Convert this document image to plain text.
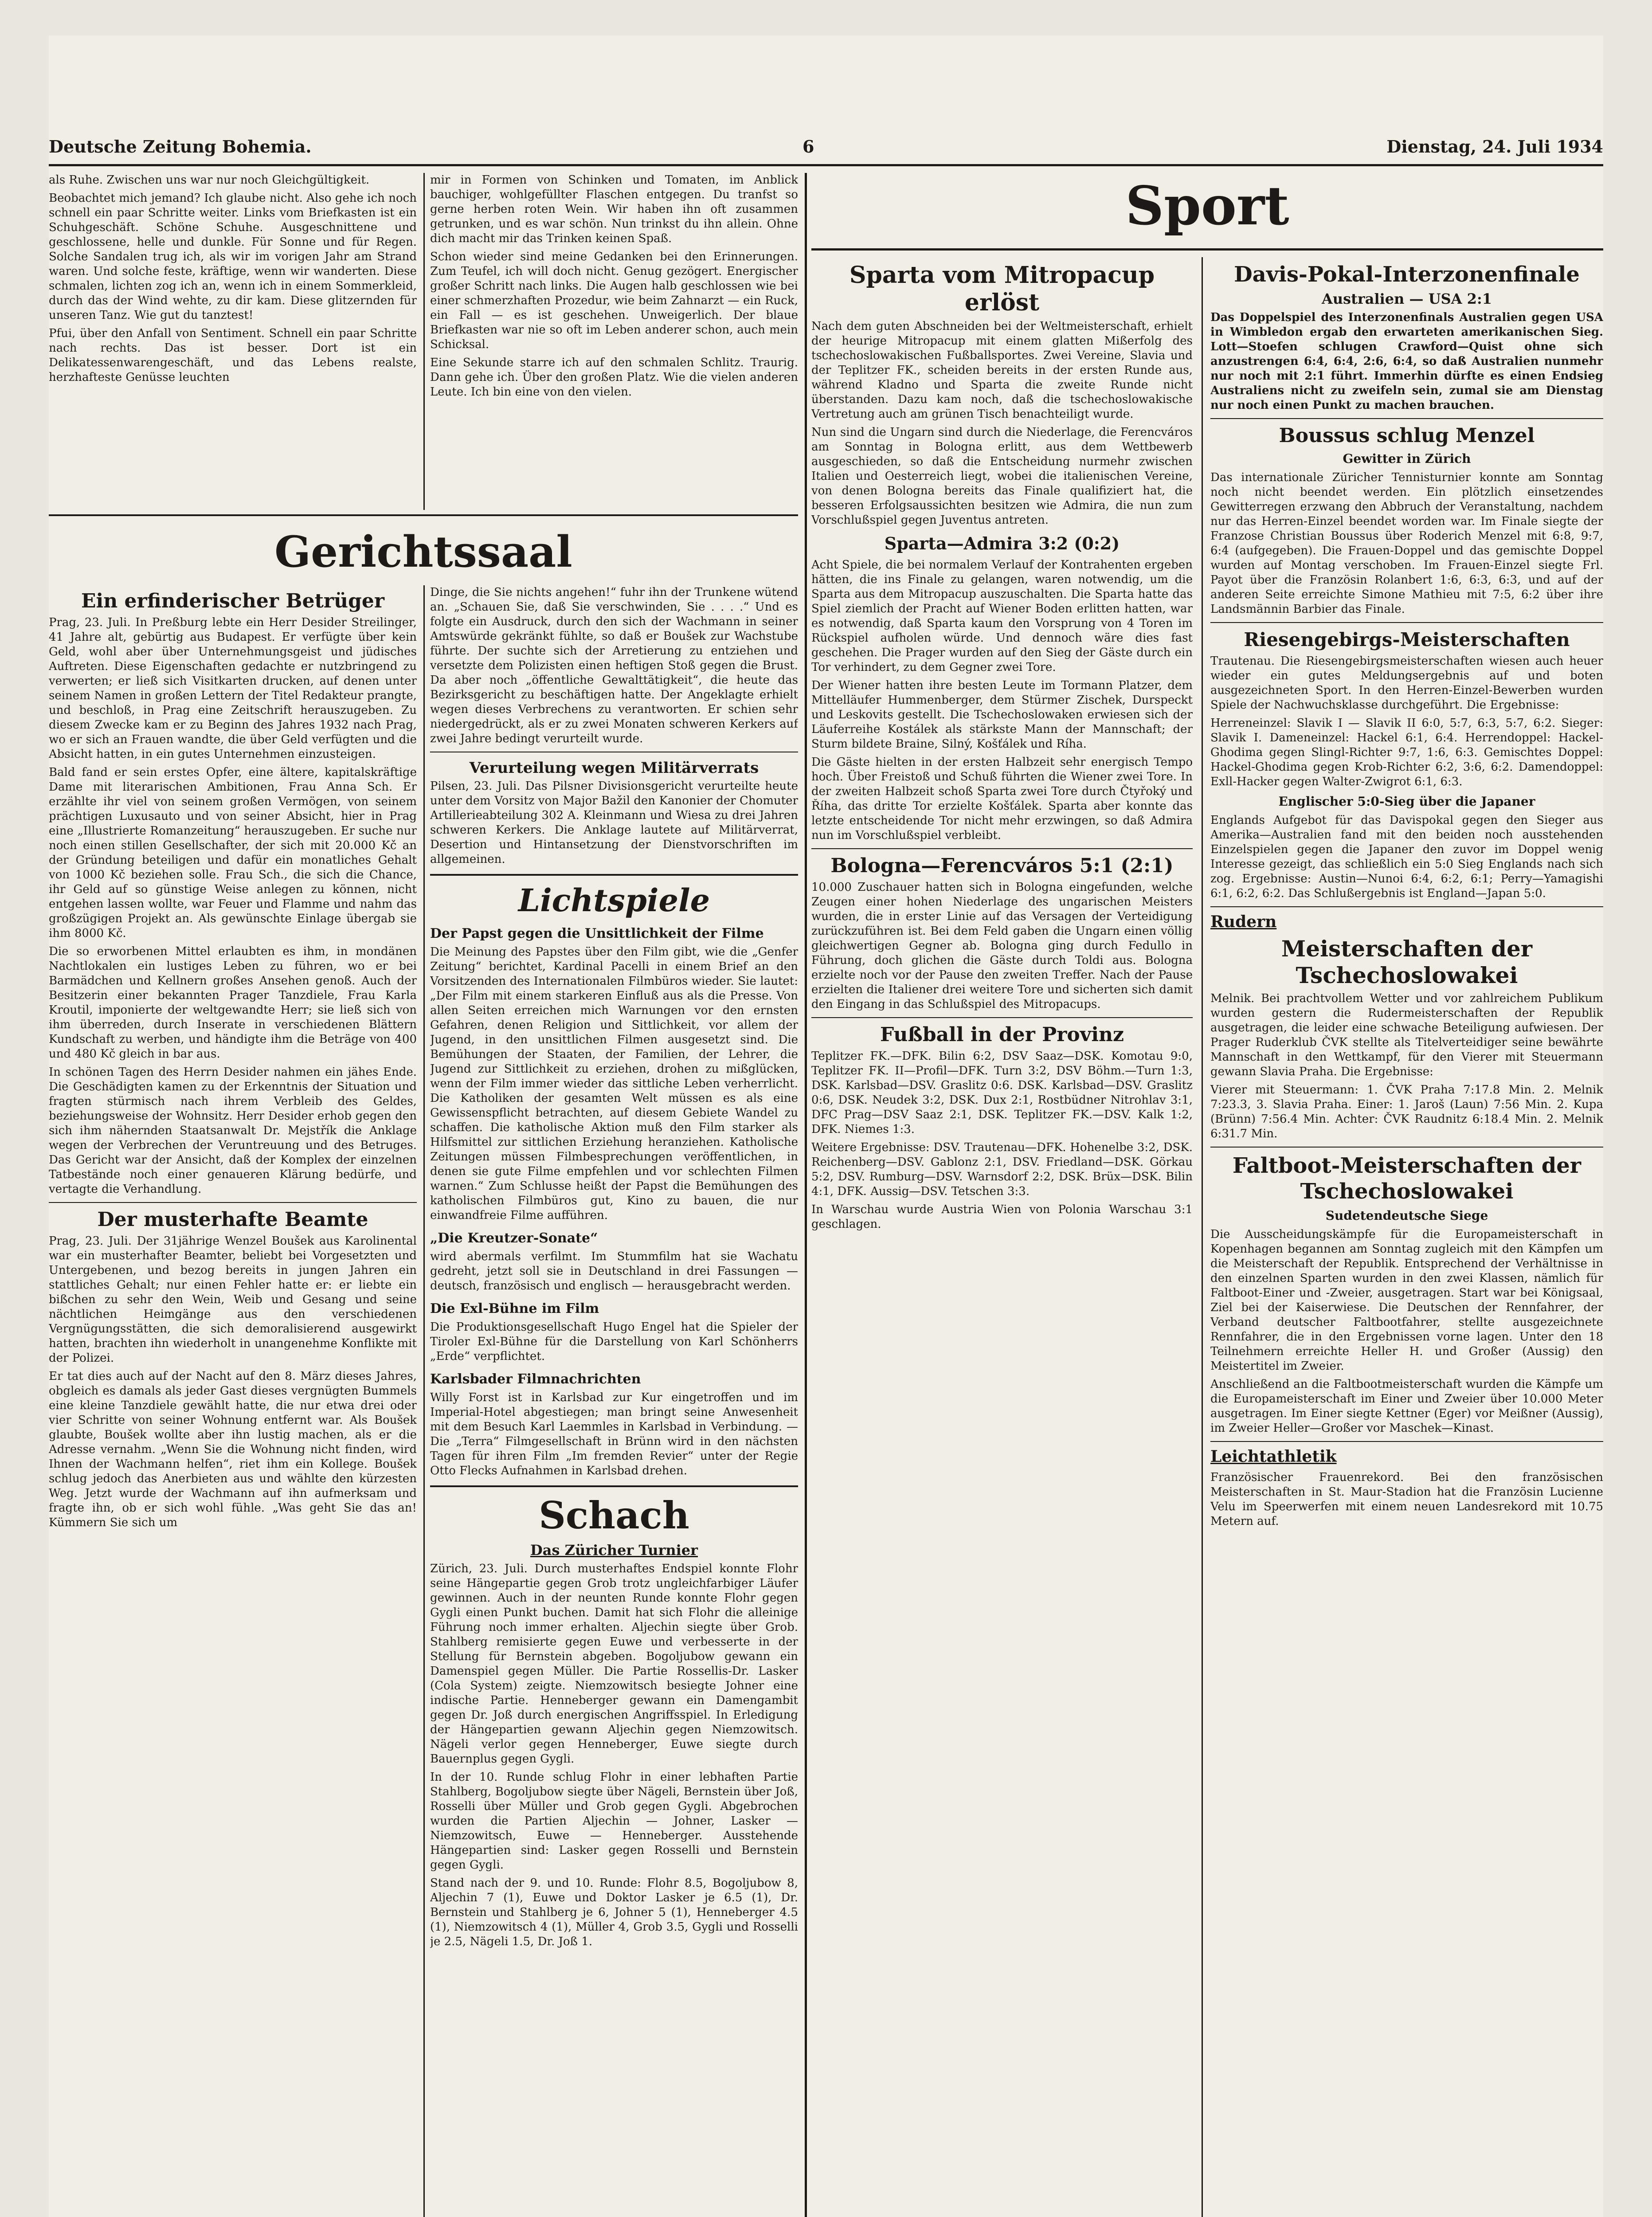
Deutsche Zeitung Bohemia.	6	Dienstag, 24. Juli 1934

als Ruhe. Zwischen uns war nur noch Gleichgültigkeit.

Beobachtet mich jemand? Ich glaube nicht. Also gehe ich noch schnell ein paar Schritte weiter. Links vom Briefkasten ist ein Schuhgeschäft. Schöne Schuhe. Ausgeschnittene und geschlossene, helle und dunkle. Für Sonne und für Regen. Solche Sandalen trug ich, als wir im vorigen Jahr am Strand waren. Und solche feste, kräftige, wenn wir wanderten. Diese schmalen, lichten zog ich an, wenn ich in einem Sommerkleid, durch das der Wind wehte, zu dir kam. Diese glitzernden für unseren Tanz. Wie gut du tanztest!

Pfui, über den Anfall von Sentiment. Schnell ein paar Schritte nach rechts. Das ist besser. Dort ist ein Delikatessenwarengeschäft, und das Lebens realste, herzhafteste Genüsse leuchten

mir in Formen von Schinken und Tomaten, im Anblick bauchiger, wohlgefüllter Flaschen entgegen. Du tranfst so gerne herben roten Wein. Wir haben ihn oft zusammen getrunken, und es war schön. Nun trinkst du ihn allein. Ohne dich macht mir das Trinken keinen Spaß.

Schon wieder sind meine Gedanken bei den Erinnerungen. Zum Teufel, ich will doch nicht. Genug gezögert. Energischer großer Schritt nach links. Die Augen halb geschlossen wie bei einer schmerzhaften Prozedur, wie beim Zahnarzt — ein Ruck, ein Fall — es ist geschehen. Unweigerlich. Der blaue Briefkasten war nie so oft im Leben anderer schon, auch mein Schicksal.

Eine Sekunde starre ich auf den schmalen Schlitz. Traurig. Dann gehe ich. Über den großen Platz. Wie die vielen anderen Leute. Ich bin eine von den vielen.

Gerichtssaal
Ein erfinderischer Betrüger

Prag, 23. Juli. In Preßburg lebte ein Herr Desider Streilinger, 41 Jahre alt, gebürtig aus Budapest. Er verfügte über kein Geld, wohl aber über Unternehmungsgeist und jüdisches Auftreten. Diese Eigenschaften gedachte er nutzbringend zu verwerten; er ließ sich Visitkarten drucken, auf denen unter seinem Namen in großen Lettern der Titel Redakteur prangte, und beschloß, in Prag eine Zeitschrift herauszugeben. Zu diesem Zwecke kam er zu Beginn des Jahres 1932 nach Prag, wo er sich an Frauen wandte, die über Geld verfügten und die Absicht hatten, in ein gutes Unternehmen einzusteigen.

Bald fand er sein erstes Opfer, eine ältere, kapitalskräftige Dame mit literarischen Ambitionen, Frau Anna Sch. Er erzählte ihr viel von seinem großen Vermögen, von seinem prächtigen Luxusauto und von seiner Absicht, hier in Prag eine „Illustrierte Romanzeitung“ herauszugeben. Er suche nur noch einen stillen Gesellschafter, der sich mit 20.000 Kč an der Gründung beteiligen und dafür ein monatliches Gehalt von 1000 Kč beziehen solle. Frau Sch., die sich die Chance, ihr Geld auf so günstige Weise anlegen zu können, nicht entgehen lassen wollte, war Feuer und Flamme und nahm das großzügigen Projekt an. Als gewünschte Einlage übergab sie ihm 8000 Kč.

Die so erworbenen Mittel erlaubten es ihm, in mondänen Nachtlokalen ein lustiges Leben zu führen, wo er bei Barmädchen und Kellnern großes Ansehen genoß. Auch der Besitzerin einer bekannten Prager Tanzdiele, Frau Karla Kroutil, imponierte der weltgewandte Herr; sie ließ sich von ihm überreden, durch Inserate in verschiedenen Blättern Kundschaft zu werben, und händigte ihm die Beträge von 400 und 480 Kč gleich in bar aus.

In schönen Tagen des Herrn Desider nahmen ein jähes Ende. Die Geschädigten kamen zu der Erkenntnis der Situation und fragten stürmisch nach ihrem Verbleib des Geldes, beziehungsweise der Wohnsitz. Herr Desider erhob gegen den sich ihm nähernden Staatsanwalt Dr. Mejstřík die Anklage wegen der Verbrechen der Veruntreuung und des Betruges. Das Gericht war der Ansicht, daß der Komplex der einzelnen Tatbestände noch einer genaueren Klärung bedürfe, und vertagte die Verhandlung.

Der musterhafte Beamte

Prag, 23. Juli. Der 31jährige Wenzel Boušek aus Karolinental war ein musterhafter Beamter, beliebt bei Vorgesetzten und Untergebenen, und bezog bereits in jungen Jahren ein stattliches Gehalt; nur einen Fehler hatte er: er liebte ein bißchen zu sehr den Wein, Weib und Gesang und seine nächtlichen Heimgänge aus den verschiedenen Vergnügungsstätten, die sich demoralisierend ausgewirkt hatten, brachten ihn wiederholt in unangenehme Konflikte mit der Polizei.

Er tat dies auch auf der Nacht auf den 8. März dieses Jahres, obgleich es damals als jeder Gast dieses vergnügten Bummels eine kleine Tanzdiele gewählt hatte, die nur etwa drei oder vier Schritte von seiner Wohnung entfernt war. Als Boušek glaubte, Boušek wollte aber ihn lustig machen, als er die Adresse vernahm. „Wenn Sie die Wohnung nicht finden, wird Ihnen der Wachmann helfen“, riet ihm ein Kollege. Boušek schlug jedoch das Anerbieten aus und wählte den kürzesten Weg. Jetzt wurde der Wachmann auf ihn aufmerksam und fragte ihn, ob er sich wohl fühle. „Was geht Sie das an! Kümmern Sie sich um

Dinge, die Sie nichts angehen!“ fuhr ihn der Trunkene wütend an. „Schauen Sie, daß Sie verschwinden, Sie . . . .“ Und es folgte ein Ausdruck, durch den sich der Wachmann in seiner Amtswürde gekränkt fühlte, so daß er Boušek zur Wachstube führte. Der suchte sich der Arretierung zu entziehen und versetzte dem Polizisten einen heftigen Stoß gegen die Brust. Da aber noch „öffentliche Gewalttätigkeit“, die heute das Bezirksgericht zu beschäftigen hatte. Der Angeklagte erhielt wegen dieses Verbrechens zu verantworten. Er schien sehr niedergedrückt, als er zu zwei Monaten schweren Kerkers auf zwei Jahre bedingt verurteilt wurde.

Verurteilung wegen Militärverrats

Pilsen, 23. Juli. Das Pilsner Divisionsgericht verurteilte heute unter dem Vorsitz von Major Bažil den Kanonier der Chomuter Artillerieabteilung 302 A. Kleinmann und Wiesa zu drei Jahren schweren Kerkers. Die Anklage lautete auf Militärverrat, Desertion und Hintansetzung der Dienstvorschriften im allgemeinen.

Lichtspiele
Der Papst gegen die Unsittlichkeit der Filme

Die Meinung des Papstes über den Film gibt, wie die „Genfer Zeitung“ berichtet, Kardinal Pacelli in einem Brief an den Vorsitzenden des Internationalen Filmbüros wieder. Sie lautet: „Der Film mit einem starkeren Einfluß aus als die Presse. Von allen Seiten erreichen mich Warnungen vor den ernsten Gefahren, denen Religion und Sittlichkeit, vor allem der Jugend, in den unsittlichen Filmen ausgesetzt sind. Die Bemühungen der Staaten, der Familien, der Lehrer, die Jugend zur Sittlichkeit zu erziehen, drohen zu mißglücken, wenn der Film immer wieder das sittliche Leben verherrlicht. Die Katholiken der gesamten Welt müssen es als eine Gewissenspflicht betrachten, auf diesem Gebiete Wandel zu schaffen. Die katholische Aktion muß den Film starker als Hilfsmittel zur sittlichen Erziehung heranziehen. Katholische Zeitungen müssen Filmbesprechungen veröffentlichen, in denen sie gute Filme empfehlen und vor schlechten Filmen warnen.“ Zum Schlusse heißt der Papst die Bemühungen des katholischen Filmbüros gut, Kino zu bauen, die nur einwandfreie Filme aufführen.

„Die Kreutzer-Sonate“

wird abermals verfilmt. Im Stummfilm hat sie Wachatu gedreht, jetzt soll sie in Deutschland in drei Fassungen — deutsch, französisch und englisch — herausgebracht werden.

Die Exl-Bühne im Film

Die Produktionsgesellschaft Hugo Engel hat die Spieler der Tiroler Exl-Bühne für die Darstellung von Karl Schönherrs „Erde“ verpflichtet.

Karlsbader Filmnachrichten

Willy Forst ist in Karlsbad zur Kur eingetroffen und im Imperial-Hotel abgestiegen; man bringt seine Anwesenheit mit dem Besuch Karl Laemmles in Karlsbad in Verbindung. — Die „Terra“ Filmgesellschaft in Brünn wird in den nächsten Tagen für ihren Film „Im fremden Revier“ unter der Regie Otto Flecks Aufnahmen in Karlsbad drehen.

Schach
Das Züricher Turnier

Zürich, 23. Juli. Durch musterhaftes Endspiel konnte Flohr seine Hängepartie gegen Grob trotz ungleichfarbiger Läufer gewinnen. Auch in der neunten Runde konnte Flohr gegen Gygli einen Punkt buchen. Damit hat sich Flohr die alleinige Führung noch immer erhalten. Aljechin siegte über Grob. Stahlberg remisierte gegen Euwe und verbesserte in der Stellung für Bernstein abgeben. Bogoljubow gewann ein Damenspiel gegen Müller. Die Partie Rossellis-Dr. Lasker (Cola System) zeigte. Niemzowitsch besiegte Johner eine indische Partie. Henneberger gewann ein Damengambit gegen Dr. Joß durch energischen Angriffsspiel. In Erledigung der Hängepartien gewann Aljechin gegen Niemzowitsch. Nägeli verlor gegen Henneberger, Euwe siegte durch Bauernplus gegen Gygli.

In der 10. Runde schlug Flohr in einer lebhaften Partie Stahlberg, Bogoljubow siegte über Nägeli, Bernstein über Joß, Rosselli über Müller und Grob gegen Gygli. Abgebrochen wurden die Partien Aljechin — Johner, Lasker — Niemzowitsch, Euwe — Henneberger. Ausstehende Hängepartien sind: Lasker gegen Rosselli und Bernstein gegen Gygli.

Stand nach der 9. und 10. Runde: Flohr 8.5, Bogoljubow 8, Aljechin 7 (1), Euwe und Doktor Lasker je 6.5 (1), Dr. Bernstein und Stahlberg je 6, Johner 5 (1), Henneberger 4.5 (1), Niemzowitsch 4 (1), Müller 4, Grob 3.5, Gygli und Rosselli je 2.5, Nägeli 1.5, Dr. Joß 1.

Sport
Sparta vom Mitropacup erlöst

Nach dem guten Abschneiden bei der Weltmeisterschaft, erhielt der heurige Mitropacup mit einem glatten Mißerfolg des tschechoslowakischen Fußballsportes. Zwei Vereine, Slavia und der Teplitzer FK., scheiden bereits in der ersten Runde aus, während Kladno und Sparta die zweite Runde nicht überstanden. Dazu kam noch, daß die tschechoslowakische Vertretung auch am grünen Tisch benachteiligt wurde.

Nun sind die Ungarn sind durch die Niederlage, die Ferencváros am Sonntag in Bologna erlitt, aus dem Wettbewerb ausgeschieden, so daß die Entscheidung nurmehr zwischen Italien und Oesterreich liegt, wobei die italienischen Vereine, von denen Bologna bereits das Finale qualifiziert hat, die besseren Erfolgsaussichten besitzen wie Admira, die nun zum Vorschlußspiel gegen Juventus antreten.

Sparta—Admira 3:2 (0:2)

Acht Spiele, die bei normalem Verlauf der Kontrahenten ergeben hätten, die ins Finale zu gelangen, waren notwendig, um die Sparta aus dem Mitropacup auszuschalten. Die Sparta hatte das Spiel ziemlich der Pracht auf Wiener Boden erlitten hatten, war es notwendig, daß Sparta kaum den Vorsprung von 4 Toren im Rückspiel aufholen würde. Und dennoch wäre dies fast geschehen. Die Prager wurden auf den Sieg der Gäste durch ein Tor verhindert, zu dem Gegner zwei Tore.

Der Wiener hatten ihre besten Leute im Tormann Platzer, dem Mittelläufer Hummenberger, dem Stürmer Zischek, Durspeckt und Leskovits gestellt. Die Tschechoslowaken erwiesen sich der Läuferreihe Kostálek als stärkste Mann der Mannschaft; der Sturm bildete Braine, Silný, Košťálek und Ríha.

Die Gäste hielten in der ersten Halbzeit sehr energisch Tempo hoch. Über Freistoß und Schuß führten die Wiener zwei Tore. In der zweiten Halbzeit schoß Sparta zwei Tore durch Čtyřoký und Říha, das dritte Tor erzielte Košťálek. Sparta aber konnte das letzte entscheidende Tor nicht mehr erzwingen, so daß Admira nun im Vorschlußspiel verbleibt.

Bologna—Ferencváros 5:1 (2:1)

10.000 Zuschauer hatten sich in Bologna eingefunden, welche Zeugen einer hohen Niederlage des ungarischen Meisters wurden, die in erster Linie auf das Versagen der Verteidigung zurückzuführen ist. Bei dem Feld gaben die Ungarn einen völlig gleichwertigen Gegner ab. Bologna ging durch Fedullo in Führung, doch glichen die Gäste durch Toldi aus. Bologna erzielte noch vor der Pause den zweiten Treffer. Nach der Pause erzielten die Italiener drei weitere Tore und sicherten sich damit den Eingang in das Schlußspiel des Mitropacups.

Fußball in der Provinz

Teplitzer FK.—DFK. Bilin 6:2, DSV Saaz—DSK. Komotau 9:0, Teplitzer FK. II—Profil—DFK. Turn 3:2, DSV Böhm.—Turn 1:3, DSK. Karlsbad—DSV. Graslitz 0:6. DSK. Karlsbad—DSV. Graslitz 0:6, DSK. Neudek 3:2, DSK. Dux 2:1, Rostbüdner Nitrohlav 3:1, DFC Prag—DSV Saaz 2:1, DSK. Teplitzer FK.—DSV. Kalk 1:2, DFK. Niemes 1:3.

Weitere Ergebnisse: DSV. Trautenau—DFK. Hohenelbe 3:2, DSK. Reichenberg—DSV. Gablonz 2:1, DSV. Friedland—DSK. Görkau 5:2, DSV. Rumburg—DSV. Warnsdorf 2:2, DSK. Brüx—DSK. Bilin 4:1, DFK. Aussig—DSV. Tetschen 3:3.

In Warschau wurde Austria Wien von Polonia Warschau 3:1 geschlagen.

Davis-Pokal-Interzonenfinale
Australien — USA 2:1

Das Doppelspiel des Interzonenfinals Australien gegen USA in Wimbledon ergab den erwarteten amerikanischen Sieg. Lott—Stoefen schlugen Crawford—Quist ohne sich anzustrengen 6:4, 6:4, 2:6, 6:4, so daß Australien nunmehr nur noch mit 2:1 führt. Immerhin dürfte es einen Endsieg Australiens nicht zu zweifeln sein, zumal sie am Dienstag nur noch einen Punkt zu machen brauchen.

Boussus schlug Menzel
Gewitter in Zürich

Das internationale Züricher Tennisturnier konnte am Sonntag noch nicht beendet werden. Ein plötzlich einsetzendes Gewitterregen erzwang den Abbruch der Veranstaltung, nachdem nur das Herren-Einzel beendet worden war. Im Finale siegte der Franzose Christian Boussus über Roderich Menzel mit 6:8, 9:7, 6:4 (aufgegeben). Die Frauen-Doppel und das gemischte Doppel wurden auf Montag verschoben. Im Frauen-Einzel siegte Frl. Payot über die Französin Rolanbert 1:6, 6:3, 6:3, und auf der anderen Seite erreichte Simone Mathieu mit 7:5, 6:2 über ihre Landsmännin Barbier das Finale.

Riesengebirgs-Meisterschaften

Trautenau. Die Riesengebirgsmeisterschaften wiesen auch heuer wieder ein gutes Meldungsergebnis auf und boten ausgezeichneten Sport. In den Herren-Einzel-Bewerben wurden Spiele der Nachwuchsklasse durchgeführt. Die Ergebnisse:

Herreneinzel: Slavik I — Slavik II 6:0, 5:7, 6:3, 5:7, 6:2. Sieger: Slavik I. Dameneinzel: Hackel 6:1, 6:4. Herrendoppel: Hackel-Ghodima gegen Slingl-Richter 9:7, 1:6, 6:3. Gemischtes Doppel: Hackel-Ghodima gegen Krob-Richter 6:2, 3:6, 6:2. Damendoppel: Exll-Hacker gegen Walter-Zwigrot 6:1, 6:3.

Englischer 5:0-Sieg über die Japaner

Englands Aufgebot für das Davispokal gegen den Sieger aus Amerika—Australien fand mit den beiden noch ausstehenden Einzelspielen gegen die Japaner den zuvor im Doppel wenig Interesse gezeigt, das schließlich ein 5:0 Sieg Englands nach sich zog. Ergebnisse: Austin—Nunoi 6:4, 6:2, 6:1; Perry—Yamagishi 6:1, 6:2, 6:2. Das Schlußergebnis ist England—Japan 5:0.

Rudern
Meisterschaften der Tschechoslowakei

Melnik. Bei prachtvollem Wetter und vor zahlreichem Publikum wurden gestern die Rudermeisterschaften der Republik ausgetragen, die leider eine schwache Beteiligung aufwiesen. Der Prager Ruderklub ČVK stellte als Titelverteidiger seine bewährte Mannschaft in den Wettkampf, für den Vierer mit Steuermann gewann Slavia Praha. Die Ergebnisse:

Vierer mit Steuermann: 1. ČVK Praha 7:17.8 Min. 2. Melnik 7:23.3, 3. Slavia Praha. Einer: 1. Jaroš (Laun) 7:56 Min. 2. Kupa (Brünn) 7:56.4 Min. Achter: ČVK Raudnitz 6:18.4 Min. 2. Melnik 6:31.7 Min.

Faltboot-Meisterschaften der Tschechoslowakei
Sudetendeutsche Siege

Die Ausscheidungskämpfe für die Europameisterschaft in Kopenhagen begannen am Sonntag zugleich mit den Kämpfen um die Meisterschaft der Republik. Entsprechend der Verhältnisse in den einzelnen Sparten wurden in den zwei Klassen, nämlich für Faltboot-Einer und -Zweier, ausgetragen. Start war bei Königsaal, Ziel bei der Kaiserwiese. Die Deutschen der Rennfahrer, der Verband deutscher Faltbootfahrer, stellte ausgezeichnete Rennfahrer, die in den Ergebnissen vorne lagen. Unter den 18 Teilnehmern erreichte Heller H. und Großer (Aussig) den Meistertitel im Zweier.

Anschließend an die Faltbootmeisterschaft wurden die Kämpfe um die Europameisterschaft im Einer und Zweier über 10.000 Meter ausgetragen. Im Einer siegte Kettner (Eger) vor Meißner (Aussig), im Zweier Heller—Großer vor Maschek—Kinast.

Leichtathletik

Französischer Frauenrekord. Bei den französischen Meisterschaften in St. Maur-Stadion hat die Französin Lucienne Velu im Speerwerfen mit einem neuen Landesrekord mit 10.75 Metern auf.
